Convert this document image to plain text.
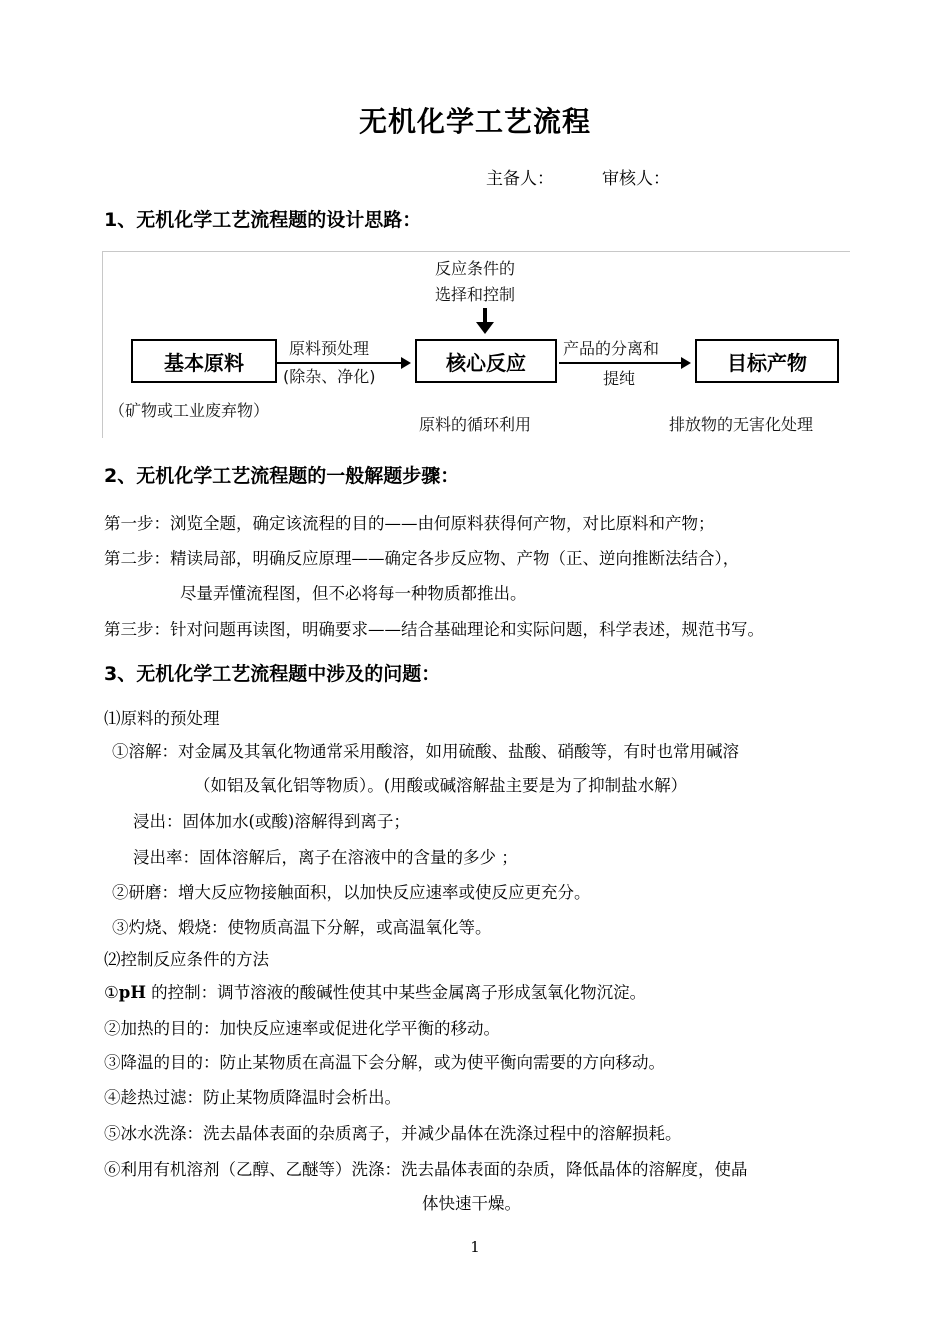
无机化学工艺流程
主备人：	审核人：
1、无机化学工艺流程题的设计思路：
反应条件的
选择和控制
基本原料	核心反应	目标产物
原料预处理
(除杂、净化)
产品的分离和
提纯
（矿物或工业废弃物）
原料的循环利用	排放物的无害化处理
2、无机化学工艺流程题的一般解题步骤：
第一步：浏览全题，确定该流程的目的——由何原料获得何产物，对比原料和产物；
第二步：精读局部，明确反应原理——确定各步反应物、产物（正、逆向推断法结合），
尽量弄懂流程图，但不必将每一种物质都推出。
第三步：针对问题再读图，明确要求——结合基础理论和实际问题，科学表述，规范书写。
3、无机化学工艺流程题中涉及的问题：
⑴原料的预处理
①溶解：对金属及其氧化物通常采用酸溶，如用硫酸、盐酸、硝酸等，有时也常用碱溶
（如铝及氧化铝等物质）。(用酸或碱溶解盐主要是为了抑制盐水解）
浸出：固体加水(或酸)溶解得到离子；
浸出率：固体溶解后，离子在溶液中的含量的多少 ；
②研磨：增大反应物接触面积，以加快反应速率或使反应更充分。
③灼烧、煅烧：使物质高温下分解，或高温氧化等。
⑵控制反应条件的方法
①pH 的控制：调节溶液的酸碱性使其中某些金属离子形成氢氧化物沉淀。
②加热的目的：加快反应速率或促进化学平衡的移动。
③降温的目的：防止某物质在高温下会分解，或为使平衡向需要的方向移动。
④趁热过滤：防止某物质降温时会析出。
⑤冰水洗涤：洗去晶体表面的杂质离子，并减少晶体在洗涤过程中的溶解损耗。
⑥利用有机溶剂（乙醇、乙醚等）洗涤：洗去晶体表面的杂质，降低晶体的溶解度，使晶
体快速干燥。
1
